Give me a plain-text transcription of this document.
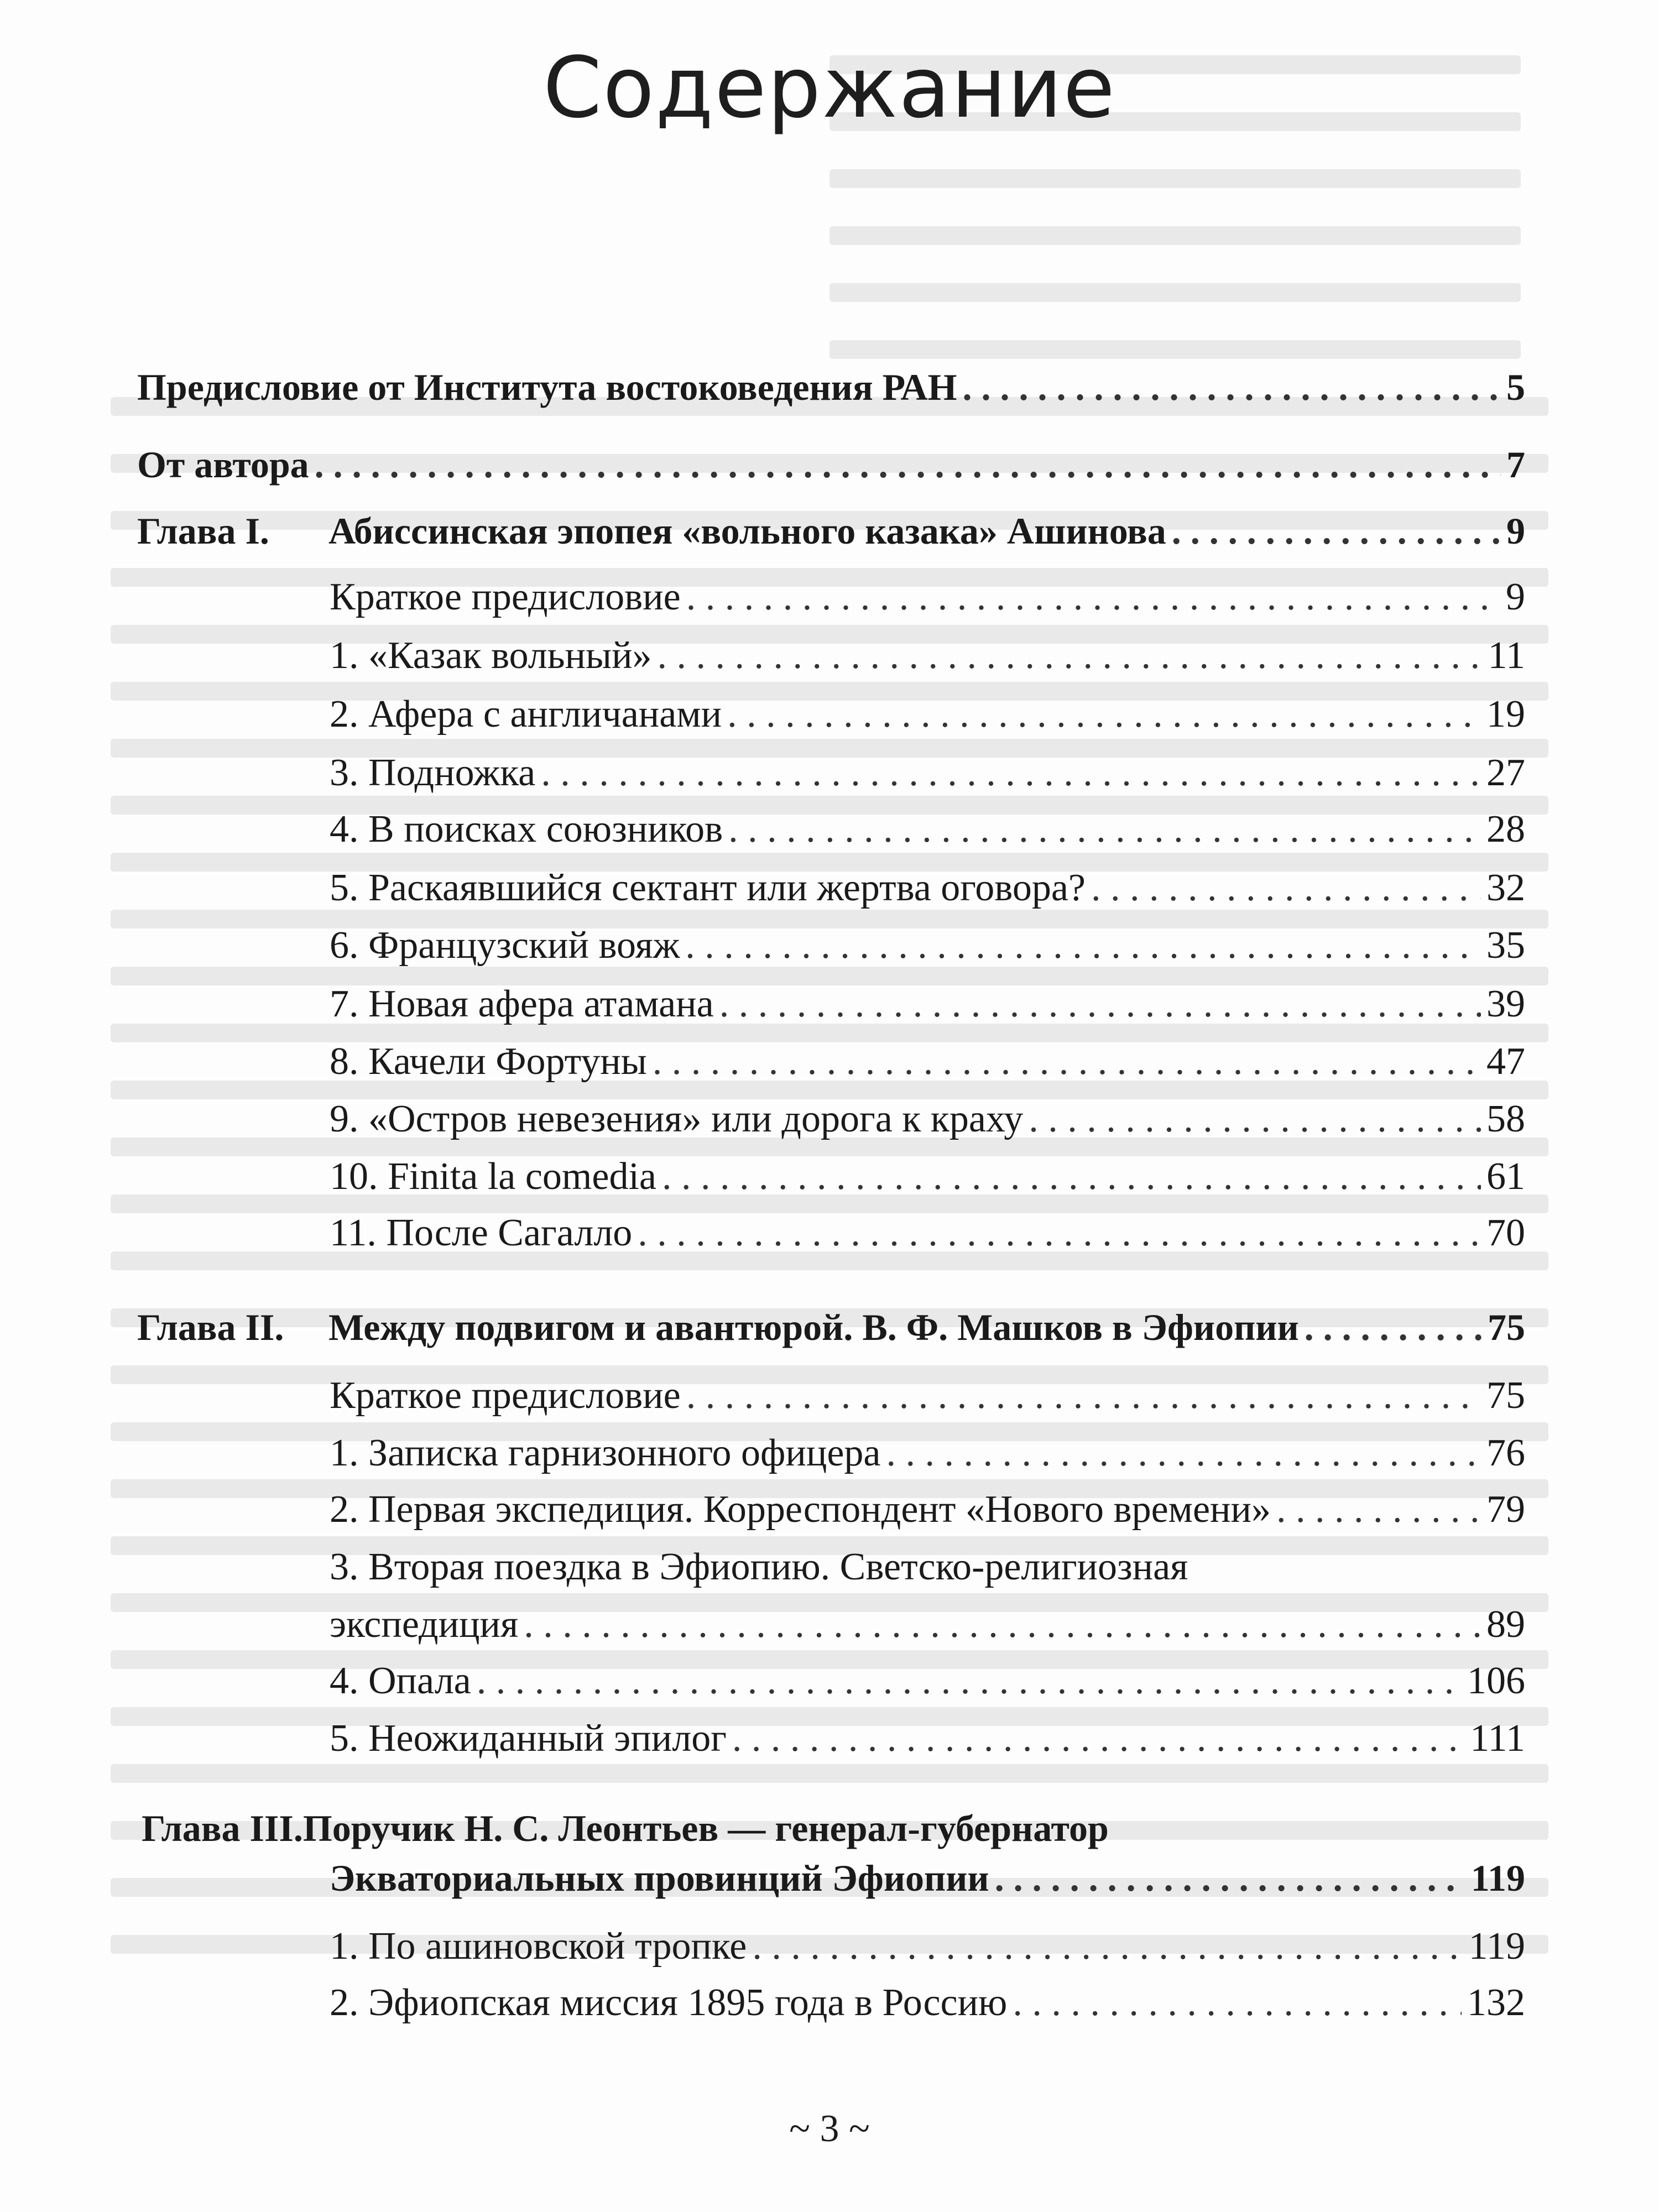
Содержание
Предисловие от Института востоковедения РАН . . .	5
От автора . . .	7
Глава I. Абиссинская эпопея «вольного казака» Ашинова . . .	9
Краткое предисловие . . .	9
1. «Казак вольный» . . .	11
2. Афера с англичанами . . .	19
3. Подножка . . .	27
4. В поисках союзников . . .	28
5. Раскаявшийся сектант или жертва оговора? . . .	32
6. Французский вояж . . .	35
7. Новая афера атамана . . .	39
8. Качели Фортуны . . .	47
9. «Остров невезения» или дорога к краху . . .	58
10. Finita la comedia . . .	61
11. После Сагалло . . .	70
Глава II. Между подвигом и авантюрой. В. Ф. Машков в Эфиопии . . .	75
Краткое предисловие . . .	75
1. Записка гарнизонного офицера . . .	76
2. Первая экспедиция. Корреспондент «Нового времени» . . .	79
3. Вторая поездка в Эфиопию. Светско-религиозная
экспедиция . . .	89
4. Опала . . .	106
5. Неожиданный эпилог . . .	111
Глава III.Поручик Н. С. Леонтьев — генерал-губернатор
Экваториальных провинций Эфиопии . . .	119
1. По ашиновской тропке . . .	119
2. Эфиопская миссия 1895 года в Россию . . .	132
~ 3 ~
